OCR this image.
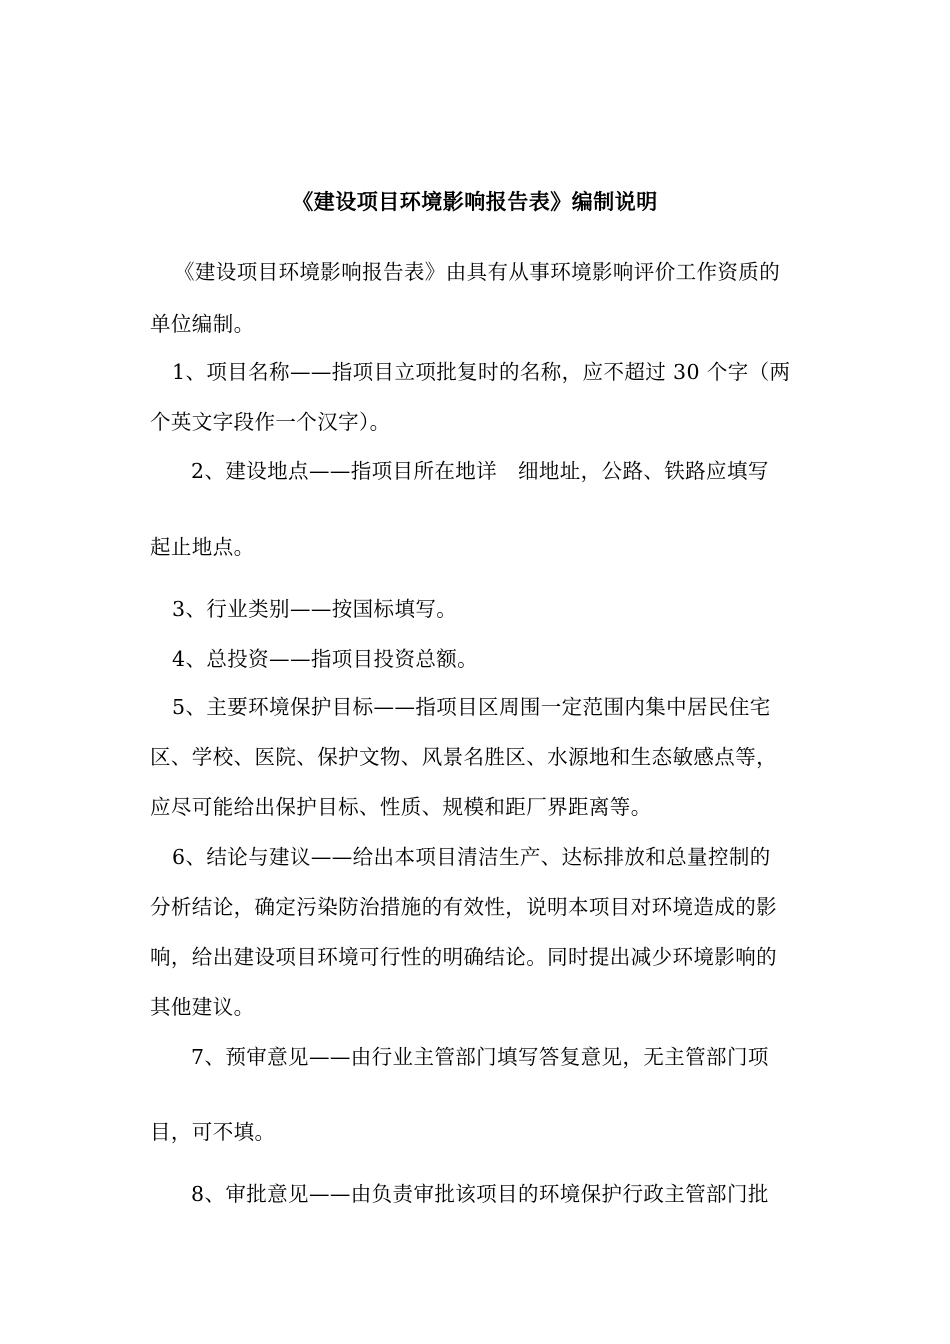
《建设项目环境影响报告表》编制说明
《建设项目环境影响报告表》由具有从事环境影响评价工作资质的
单位编制。
1、项目名称——指项目立项批复时的名称，应不超过 30 个字（两
个英文字段作一个汉字）。
2、建设地点——指项目所在地详　细地址，公路、铁路应填写
起止地点。
3、行业类别——按国标填写。
4、总投资——指项目投资总额。
5、主要环境保护目标——指项目区周围一定范围内集中居民住宅
区、学校、医院、保护文物、风景名胜区、水源地和生态敏感点等，
应尽可能给出保护目标、性质、规模和距厂界距离等。
6、结论与建议——给出本项目清洁生产、达标排放和总量控制的
分析结论，确定污染防治措施的有效性，说明本项目对环境造成的影
响，给出建设项目环境可行性的明确结论。同时提出减少环境影响的
其他建议。
7、预审意见——由行业主管部门填写答复意见，无主管部门项
目，可不填。
8、审批意见——由负责审批该项目的环境保护行政主管部门批
